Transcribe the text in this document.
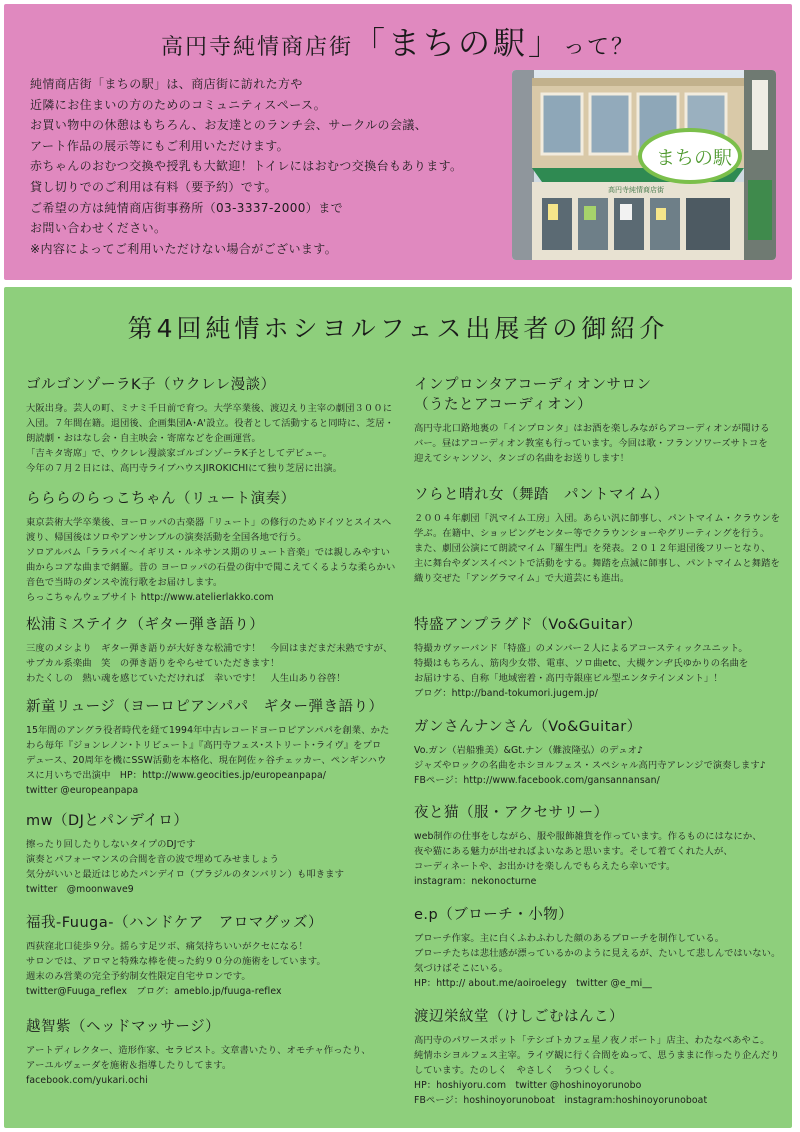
高円寺純情商店街「まちの駅」って？
純情商店街「まちの駅」は、商店街に訪れた方や
近隣にお住まいの方のためのコミュニティスペース。
お買い物中の休憩はもちろん、お友達とのランチ会、サークルの会議、
アート作品の展示等にもご利用いただけます。
赤ちゃんのおむつ交換や授乳も大歓迎！トイレにはおむつ交換台もあります。
貸し切りでのご利用は有料（要予約）です。
ご希望の方は純情商店街事務所（03-3337-2000）まで
お問い合わせください。
※内容によってご利用いただけない場合がございます。
高円寺純情商店街
まちの駅
第4回純情ホシヨルフェス出展者の御紹介
ゴルゴンゾーラK子（ウクレレ漫談）
大阪出身。芸人の町、ミナミ千日前で育つ。大学卒業後、渡辺えり主宰の劇団３００に
入団。７年間在籍。退団後、企画集団A･A'設立。役者として活動すると同時に、芝居・
朗読劇・おはなし会・自主映会・寄席などを企画運営。
「吉キタ寄席」で、ウクレレ漫談家ゴルゴンゾーラK子としてデビュー。
今年の７月２日には、高円寺ライブハウスJIROKICHIにて独り芝居に出演。
らららのらっこちゃん（リュート演奏）
東京芸術大学卒業後、ヨーロッパの古楽器「リュート」の修行のためドイツとスイスへ
渡り、帰国後はソロやアンサンブルの演奏活動を全国各地で行う。
ソロアルバム「ララバイ〜イギリス・ルネサンス期のリュート音楽」では親しみやすい
曲からコアな曲まで網羅。昔の ヨーロッパの石畳の街中で聞こえてくるような柔らかい
音色で当時のダンスや流行歌をお届けします。
らっこちゃんウェブサイト http://www.atelierlakko.com
松浦ミステイク（ギター弾き語り）
三度のメシより　ギター弾き語りが大好きな松浦です！　今回はまだまだ未熟ですが、
サブカル系楽曲　笑　の弾き語りをやらせていただきます！
わたくしの　熱い魂を感じていただければ　幸いです！　人生山あり谷啓！
新童リュージ（ヨーロピアンパパ　ギター弾き語り）
15年間のアングラ役者時代を経て1994年中古レコードヨーロピアンパパを創業、かた
わら毎年『ジョンレノン･トリビュート』『高円寺フェス･ストリート･ライヴ』をプロ
デュース、20周年を機にSSW活動を本格化、現在阿佐ヶ谷チェッカー、ペンギンハウ
スに月いちで出演中　HP：http://www.geocities.jp/europeanpapa/
twitter @europeanpapa
mw（DJとパンデイロ）
擦ったり回したりしないタイプのDJです
演奏とパフォーマンスの合間を音の波で埋めてみせましょう
気分がいいと最近はじめたパンデイロ（ブラジルのタンバリン）も叩きます
twitter　@moonwave9
福我-Fuuga-（ハンドケア　アロマグッズ）
西荻窪北口徒歩９分。揺らす足ツボ、痛気持ちいいがクセになる！
サロンでは、アロマと特殊な棒を使った約９０分の施術をしています。
週末のみ営業の完全予約制女性限定自宅サロンです。
twitter@Fuuga_reflex　ブログ：ameblo.jp/fuuga-reflex
越智紫（ヘッドマッサージ）
アートディレクター、造形作家、セラピスト。文章書いたり、オモチャ作ったり、
アーユルヴェーダを施術＆指導したりしてます。
facebook.com/yukari.ochi
インプロンタアコーディオンサロン
（うたとアコーディオン）
高円寺北口路地裏の「インプロンタ」はお酒を楽しみながらアコーディオンが聞ける
バー。昼はアコーディオン教室も行っています。今回は歌・フランソワーズサトコを
迎えてシャンソン、タンゴの名曲をお送りします！
ソらと晴れ女（舞踏　パントマイム）
２００４年劇団「汎マイム工房」入団。あらい汎に師事し、パントマイム・クラウンを
学ぶ。在籍中、ショッピングセンター等でクラウンショーやグリーティングを行う。
また、劇団公演にて朗読マイム『羅生門』を発表。２０１２年退団後フリーとなり、
主に舞台やダンスイベントで活動をする。舞踏を点滅に師事し、パントマイムと舞踏を
織り交ぜた「アングラマイム」で大道芸にも進出。
特盛アンプラグド（Vo&Guitar）
特撮カヴァーバンド「特盛」のメンバー２人によるアコースティックユニット。
特撮はもちろん、筋肉少女帯、電車、ソロ曲etc、大槻ケンヂ氏ゆかりの名曲を
お届けする、自称「地域密着・高円寺銀座ビル型エンタテインメント」！
ブログ：http://band-tokumori.jugem.jp/
ガンさんナンさん（Vo&Guitar）
Vo.ガン（岩船雅美）&Gt.ナン（難波隆弘）のデュオ♪
ジャズやロックの名曲をホシヨルフェス・スペシャル高円寺アレンジで演奏します♪
FBページ：http://www.facebook.com/gansannansan/
夜と猫（服・アクセサリー）
web制作の仕事をしながら、服や服飾雑貨を作っています。作るものにはなにか、
夜や猫にある魅力が出せればよいなあと思います。そして着てくれた人が、
コーディネートや、お出かけを楽しんでもらえたら幸いです。
instagram：nekonocturne
e.p（ブローチ・小物）
ブローチ作家。主に白くふわふわした顔のあるブローチを制作している。
ブローチたちは悲壮感が漂っているかのように見えるが、たいして悲しんではいない。
気づけばそこにいる。
HP：http:// about.me/aoiroelegy　twitter @e_mi__
渡辺栄紋堂（けしごむはんこ）
高円寺のパワースポット「テシゴトカフェ星ノ夜ノボート」店主、わたなべあやこ。
純情ホシヨルフェス主宰。ライヴ観に行く合間をぬって、思うままに作ったり企んだり
しています。たのしく　やさしく　うつくしく。
HP：hoshiyoru.com　twitter @hoshinoyorunobo
FBページ：hoshinoyorunoboat　instagram:hoshinoyorunoboat
